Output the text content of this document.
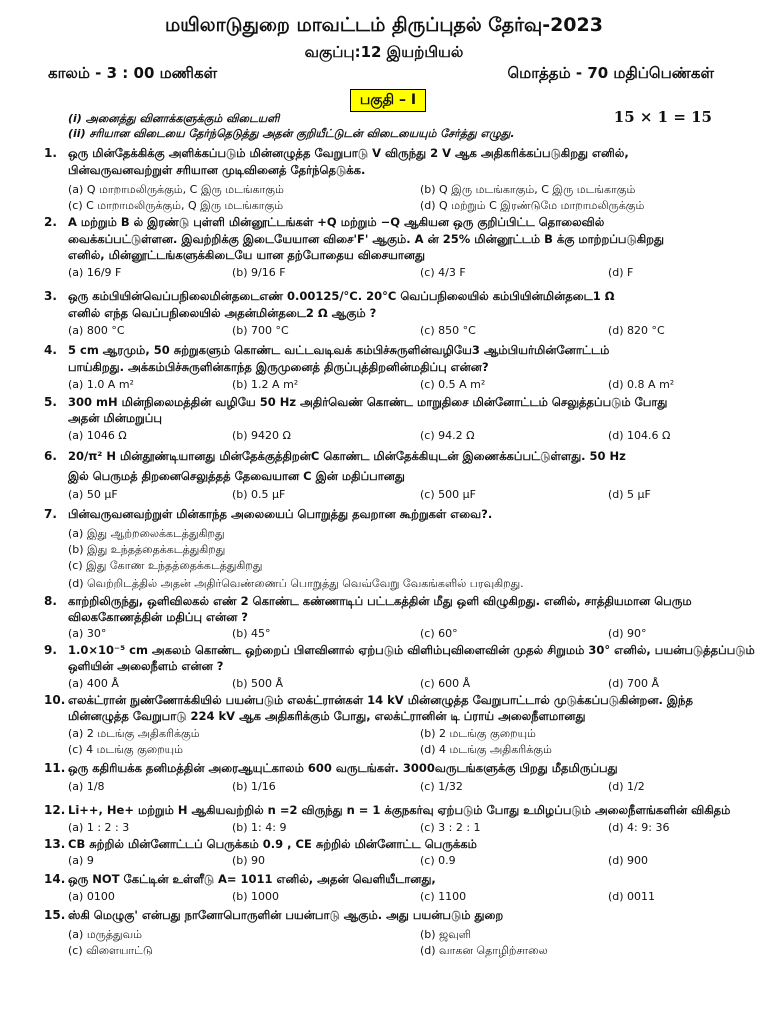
மயிலாடுதுறை மாவட்டம் திருப்புதல் தேர்வு-2023
வகுப்பு:12 இயற்பியல்
காலம் - 3 : 00 மணிகள்	மொத்தம் - 70 மதிப்பெண்கள்
பகுதி – I
(i) அனைத்து வினாக்களுக்கும் விடையளி
(ii) சரியான விடையை தேர்ந்தெடுத்து அதன் குறியீட்டுடன் விடையையும் சேர்த்து எழுது.
15 × 1 = 15
1. ஒரு மின்தேக்கிக்கு அளிக்கப்படும் மின்னழுத்த வேறுபாடு V விருந்து 2 V ஆக அதிகரிக்கப்படுகிறது எனில்,
பின்வருவனவற்றுள் சரியான முடிவினைத் தேர்ந்தெடுக்க.
(a) Q மாறாமலிருக்கும், C இரு மடங்காகும்	(b) Q இரு மடங்காகும், C இரு மடங்காகும்
(c) C மாறாமலிருக்கும், Q இரு மடங்காகும்	(d) Q மற்றும் C இரண்டுமே மாறாமலிருக்கும்
2. A மற்றும் B ல் இரண்டு புள்ளி மின்னூட்டங்கள் +Q மற்றும் −Q ஆகியன ஒரு குறிப்பிட்ட தொலைவில்
வைக்கப்பட்டுள்ளன. இவற்றிக்கு இடையேயான விசை'F' ஆகும். A ன் 25% மின்னூட்டம் B க்கு மாற்றப்படுகிறது
எனில், மின்னூட்டங்களுக்கிடையே யான தற்போதைய விசையானது
(a) 16/9 F	(b) 9/16 F	(c) 4/3 F	(d) F
3. ஒரு கம்பியின்வெப்பநிலைமின்தடைஎண் 0.00125/°C. 20°C வெப்பநிலையில் கம்பியின்மின்தடை1 Ω
எனில் எந்த வெப்பநிலையில் அதன்மின்தடை2 Ω ஆகும் ?
(a) 800 °C	(b) 700 °C	(c) 850 °C	(d) 820 °C
4. 5 cm ஆரமும், 50 சுற்றுகளும் கொண்ட வட்டவடிவக் கம்பிச்சுருளின்வழியே3 ஆம்பியர்மின்னோட்டம்
பாய்கிறது. அக்கம்பிச்சுருளின்காந்த இருமுனைத் திருப்புத்திறனின்மதிப்பு என்ன?
(a) 1.0 A m²	(b) 1.2 A m²	(c) 0.5 A m²	(d) 0.8 A m²
5. 300 mH மின்நிலைமத்தின் வழியே 50 Hz அதிர்வெண் கொண்ட மாறுதிசை மின்னோட்டம் செலுத்தப்படும் போது
அதன் மின்மறுப்பு
(a) 1046 Ω	(b) 9420 Ω	(c) 94.2 Ω	(d) 104.6 Ω
6. 20/π² H மின்தூண்டியானது மின்தேக்குத்திறன்C கொண்ட மின்தேக்கியுடன் இணைக்கப்பட்டுள்ளது. 50 Hz
இல் பெருமத் திறனைசெலுத்தத் தேவையான C இன் மதிப்பானது
(a) 50 μF	(b) 0.5 μF	(c) 500 μF	(d) 5 μF
7. பின்வருவனவற்றுள் மின்காந்த அலையைப் பொறுத்து தவறான கூற்றுகள் எவை?.
(a) இது ஆற்றலைக்கடத்துகிறது
(b) இது உந்தத்தைக்கடத்துகிறது
(c) இது கோண உந்தத்தைக்கடத்துகிறது
(d) வெற்றிடத்தில் அதன் அதிர்வெண்ணைப் பொறுத்து வெவ்வேறு வேகங்களில் பரவுகிறது.
8. காற்றிலிருந்து, ஒளிவிலகல் எண் 2 கொண்ட கண்ணாடிப் பட்டகத்தின் மீது ஒளி விழுகிறது. எனில், சாத்தியமான பெரும
விலககோணத்தின் மதிப்பு என்ன ?
(a) 30°	(b) 45°	(c) 60°	(d) 90°
9. 1.0×10⁻⁵ cm அகலம் கொண்ட ஒற்றைப் பிளவினால் ஏற்படும் விளிம்புவிளைவின் முதல் சிறுமம் 30° எனில், பயன்படுத்தப்படும்
ஒளியின் அலைநீளம் என்ன ?
(a) 400 Å	(b) 500 Å	(c) 600 Å	(d) 700 Å
10. எலக்ட்ரான் நுண்ணோக்கியில் பயன்படும் எலக்ட்ரான்கள் 14 kV மின்னழுத்த வேறுபாட்டால் முடுக்கப்படுகின்றன. இந்த
மின்னழுத்த வேறுபாடு 224 kV ஆக அதிகரிக்கும் போது, எலக்ட்ரானின் டி ப்ராய் அலைநீளமானது
(a) 2 மடங்கு அதிகரிக்கும்	(b) 2 மடங்கு குறையும்
(c) 4 மடங்கு குறையும்	(d) 4 மடங்கு அதிகரிக்கும்
11. ஒரு கதிரியக்க தனிமத்தின் அரைஆயுட்காலம் 600 வருடங்கள். 3000வருடங்களுக்கு பிறது மீதமிருப்பது
(a) 1/8	(b) 1/16	(c) 1/32	(d) 1/2
12. Li++, He+ மற்றும் H ஆகியவற்றில் n =2 விருந்து n = 1 க்குநகர்வு ஏற்படும் போது உமிழப்படும் அலைநீளங்களின் விகிதம்
(a) 1 : 2 : 3	(b) 1: 4: 9	(c) 3 : 2 : 1	(d) 4: 9: 36
13. CB சுற்றில் மின்னோட்டப் பெருக்கம் 0.9 , CE சுற்றில் மின்னோட்ட பெருக்கம்
(a) 9	(b) 90	(c) 0.9	(d) 900
14. ஒரு NOT கேட்டின் உள்ளீடு A= 1011 எனில், அதன் வெளியீடானது,
(a) 0100	(b) 1000	(c) 1100	(d) 0011
15. ஸ்கி மெழுகு' என்பது நானோபொருளின் பயன்பாடு ஆகும். அது பயன்படும் துறை
(a) மருத்துவம்	(b) ஜவுளி
(c) விளையாட்டு	(d) வாகன தொழிற்சாலை
